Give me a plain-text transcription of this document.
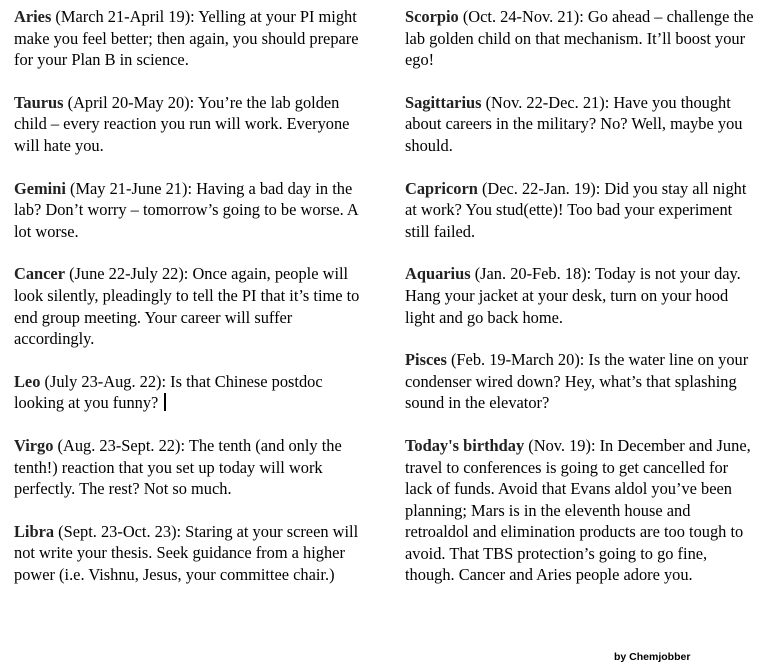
Aries (March 21-April 19): Yelling at your PI might make you feel better; then again, you should prepare for your Plan B in science.

Taurus (April 20-May 20): You’re the lab golden child – every reaction you run will work. Everyone will hate you.

Gemini (May 21-June 21): Having a bad day in the lab? Don’t worry – tomorrow’s going to be worse. A lot worse.

Cancer (June 22-July 22): Once again, people will look silently, pleadingly to tell the PI that it’s time to end group meeting. Your career will suffer accordingly.

Leo (July 23-Aug. 22): Is that Chinese postdoc looking at you funny?

Virgo (Aug. 23-Sept. 22): The tenth (and only the tenth!) reaction that you set up today will work perfectly. The rest? Not so much.

Libra (Sept. 23-Oct. 23): Staring at your screen will not write your thesis. Seek guidance from a higher power (i.e. Vishnu, Jesus, your committee chair.)

Scorpio (Oct. 24-Nov. 21): Go ahead – challenge the lab golden child on that mechanism. It’ll boost your ego!

Sagittarius (Nov. 22-Dec. 21): Have you thought about careers in the military? No? Well, maybe you should.

Capricorn (Dec. 22-Jan. 19): Did you stay all night at work? You stud(ette)! Too bad your experiment still failed.

Aquarius (Jan. 20-Feb. 18): Today is not your day. Hang your jacket at your desk, turn on your hood light and go back home.

Pisces (Feb. 19-March 20): Is the water line on your condenser wired down? Hey, what’s that splashing sound in the elevator?

Today's birthday (Nov. 19): In December and June, travel to conferences is going to get cancelled for lack of funds. Avoid that Evans aldol you’ve been planning; Mars is in the eleventh house and retroaldol and elimination products are too tough to avoid. That TBS protection’s going to go fine, though. Cancer and Aries people adore you.

by Chemjobber
